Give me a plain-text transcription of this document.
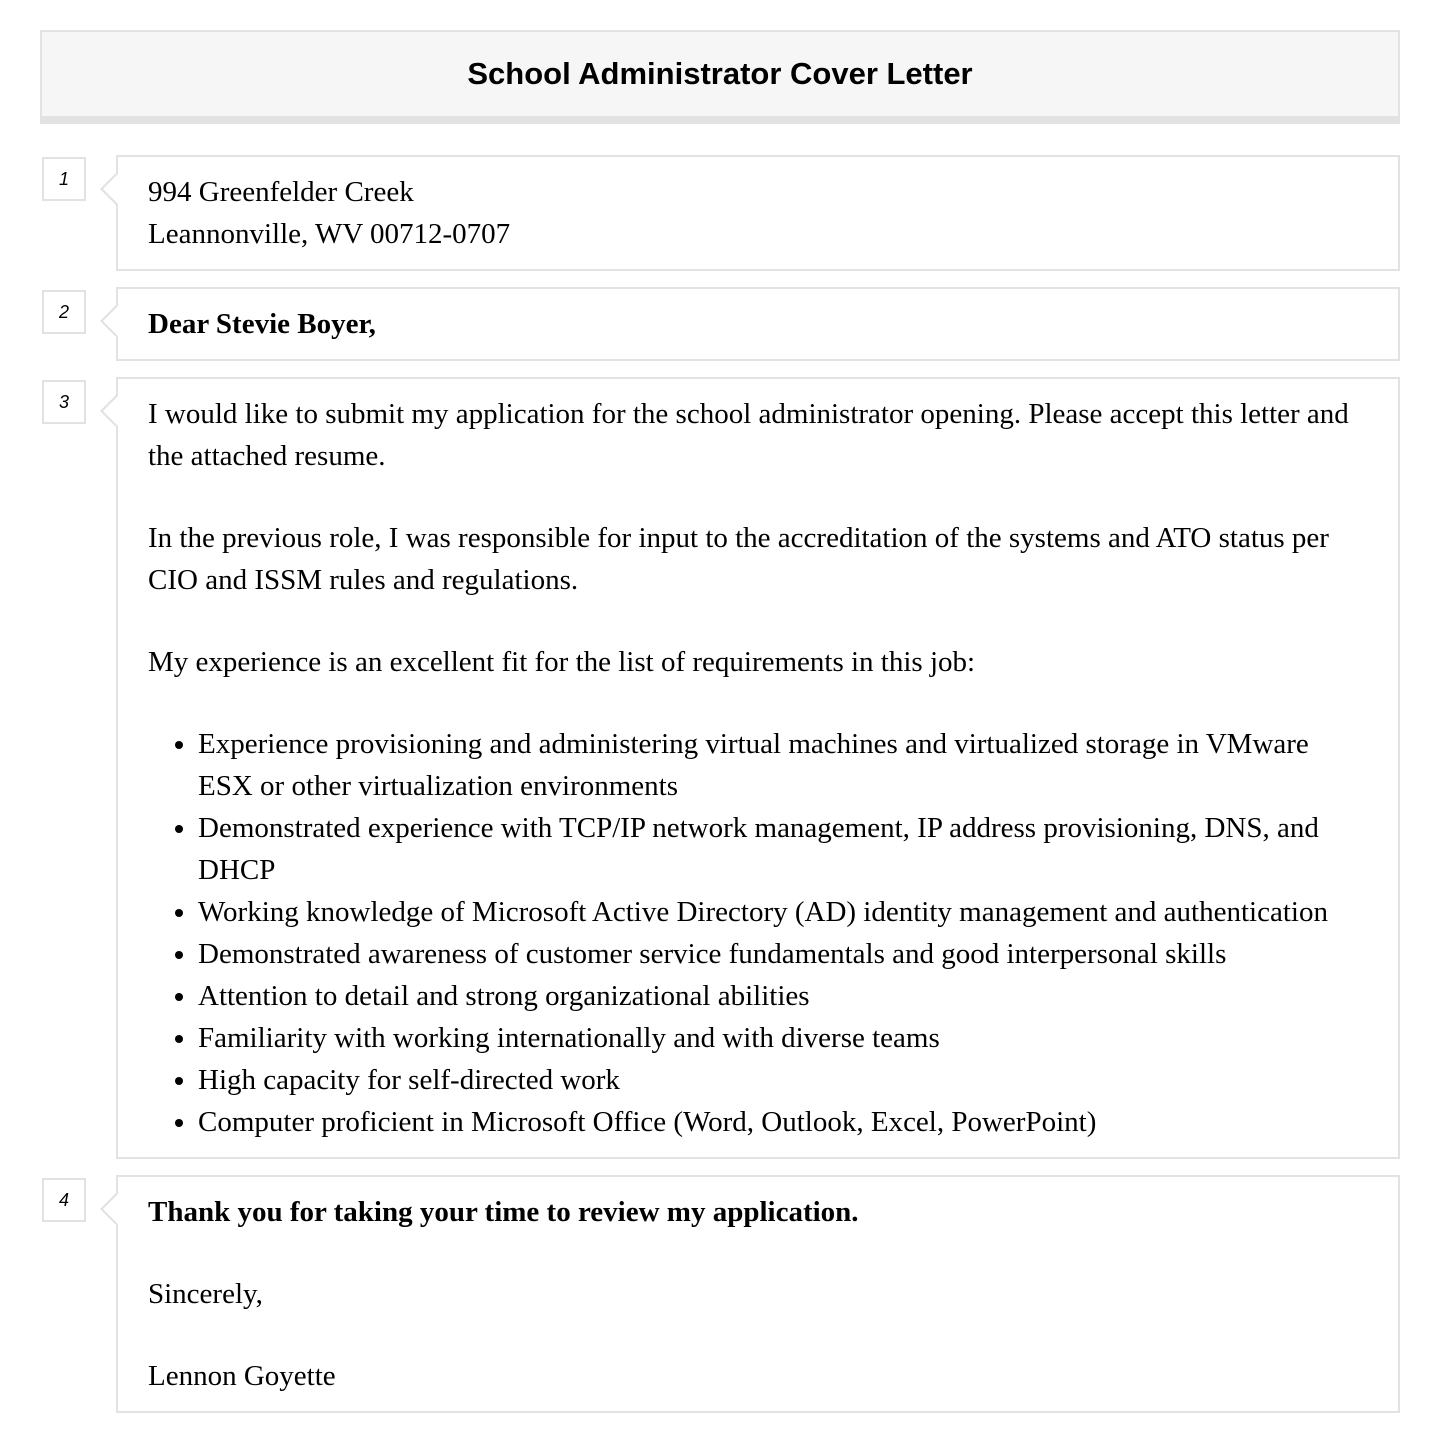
School Administrator Cover Letter
1	994 Greenfelder Creek
Leannonville, WV 00712-0707
2	Dear Stevie Boyer,
3	I would like to submit my application for the school administrator opening. Please accept this letter and the attached resume.

In the previous role, I was responsible for input to the accreditation of the systems and ATO status per CIO and ISSM rules and regulations.

My experience is an excellent fit for the list of requirements in this job:

• Experience provisioning and administering virtual machines and virtualized storage in VMware ESX or other virtualization environments
• Demonstrated experience with TCP/IP network management, IP address provisioning, DNS, and DHCP
• Working knowledge of Microsoft Active Directory (AD) identity management and authentication
• Demonstrated awareness of customer service fundamentals and good interpersonal skills
• Attention to detail and strong organizational abilities
• Familiarity with working internationally and with diverse teams
• High capacity for self-directed work
• Computer proficient in Microsoft Office (Word, Outlook, Excel, PowerPoint)
4	Thank you for taking your time to review my application.

Sincerely,

Lennon Goyette
